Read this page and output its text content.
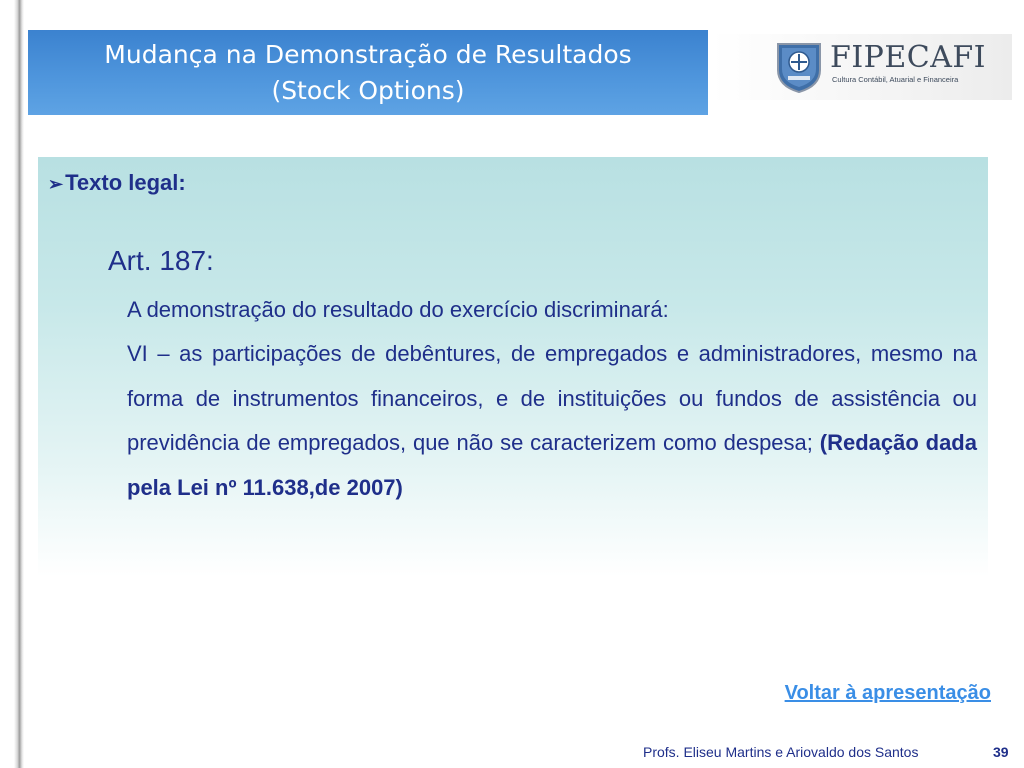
Mudança na Demonstração de Resultados
(Stock Options)
FIPECAFI
Cultura Contábil, Atuarial e Financeira
➢Texto legal:
Art. 187:
A demonstração do resultado do exercício discriminará:
VI – as participações de debêntures, de empregados e administradores, mesmo na forma de instrumentos financeiros, e de instituições ou fundos de assistência ou previdência de empregados, que não se caracterizem como despesa; (Redação dada pela Lei nº 11.638,de 2007)
Voltar à apresentação
Profs. Eliseu Martins e Ariovaldo dos Santos	39
